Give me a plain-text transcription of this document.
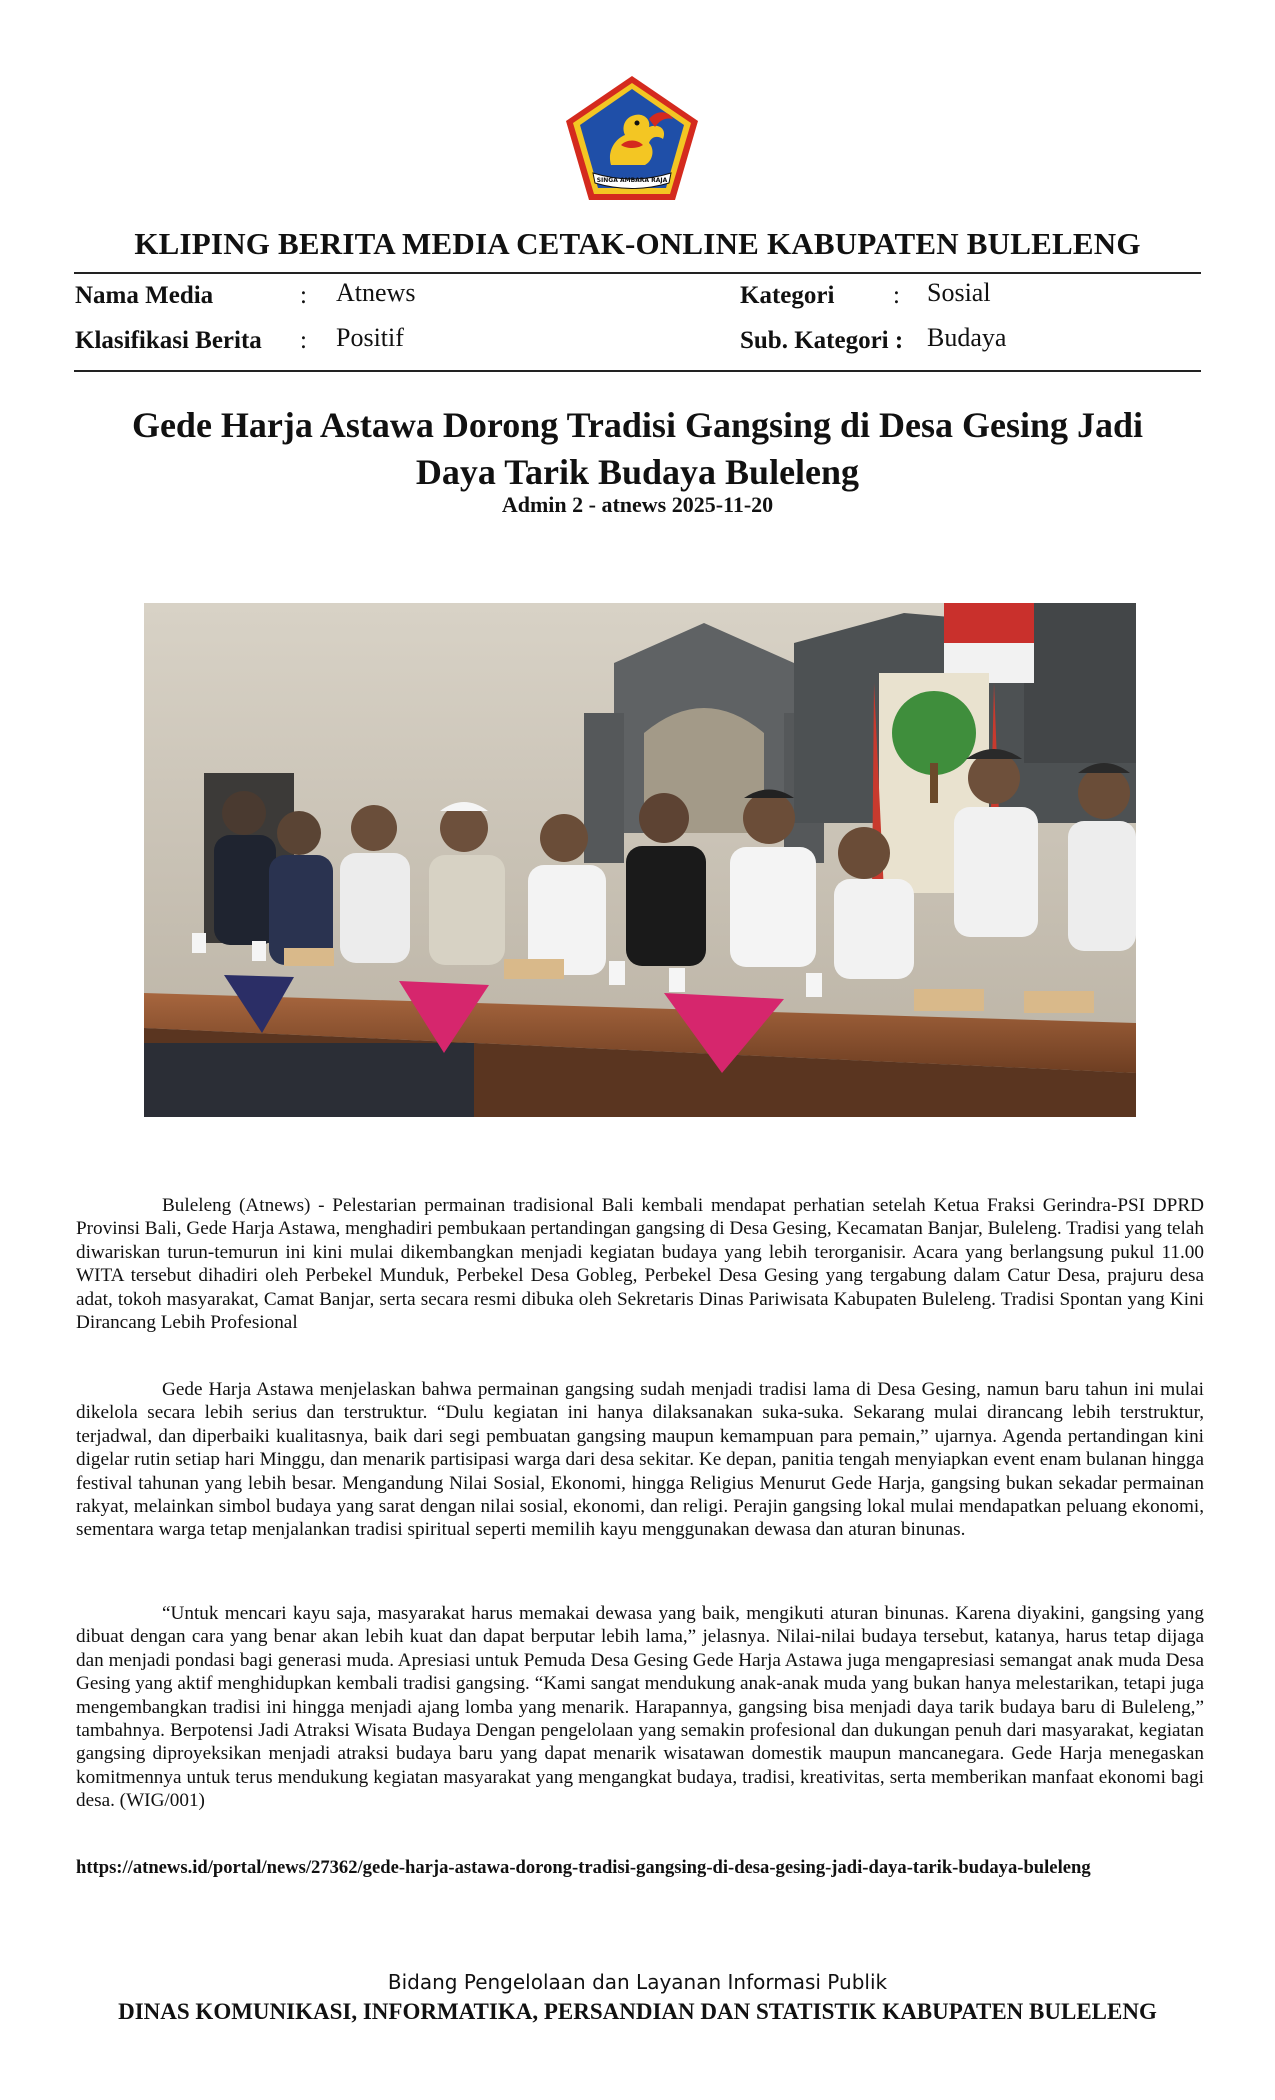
SINGA AMBARA RAJA
KLIPING BERITA MEDIA CETAK-ONLINE KABUPATEN BULELENG
Nama Media	: Atnews	Kategori : Sosial
Klasifikasi Berita : Positif	Sub. Kategori : Budaya
Gede Harja Astawa Dorong Tradisi Gangsing di Desa Gesing Jadi Daya Tarik Budaya Buleleng
Admin 2 - atnews 2025-11-20

Buleleng (Atnews) - Pelestarian permainan tradisional Bali kembali mendapat perhatian setelah Ketua Fraksi Gerindra-PSI DPRD Provinsi Bali, Gede Harja Astawa, menghadiri pembukaan pertandingan gangsing di Desa Gesing, Kecamatan Banjar, Buleleng. Tradisi yang telah diwariskan turun-temurun ini kini mulai dikembangkan menjadi kegiatan budaya yang lebih terorganisir. Acara yang berlangsung pukul 11.00 WITA tersebut dihadiri oleh Perbekel Munduk, Perbekel Desa Gobleg, Perbekel Desa Gesing yang tergabung dalam Catur Desa, prajuru desa adat, tokoh masyarakat, Camat Banjar, serta secara resmi dibuka oleh Sekretaris Dinas Pariwisata Kabupaten Buleleng. Tradisi Spontan yang Kini Dirancang Lebih Profesional

Gede Harja Astawa menjelaskan bahwa permainan gangsing sudah menjadi tradisi lama di Desa Gesing, namun baru tahun ini mulai dikelola secara lebih serius dan terstruktur. “Dulu kegiatan ini hanya dilaksanakan suka-suka. Sekarang mulai dirancang lebih terstruktur, terjadwal, dan diperbaiki kualitasnya, baik dari segi pembuatan gangsing maupun kemampuan para pemain,” ujarnya. Agenda pertandingan kini digelar rutin setiap hari Minggu, dan menarik partisipasi warga dari desa sekitar. Ke depan, panitia tengah menyiapkan event enam bulanan hingga festival tahunan yang lebih besar. Mengandung Nilai Sosial, Ekonomi, hingga Religius Menurut Gede Harja, gangsing bukan sekadar permainan rakyat, melainkan simbol budaya yang sarat dengan nilai sosial, ekonomi, dan religi. Perajin gangsing lokal mulai mendapatkan peluang ekonomi, sementara warga tetap menjalankan tradisi spiritual seperti memilih kayu menggunakan dewasa dan aturan binunas.

“Untuk mencari kayu saja, masyarakat harus memakai dewasa yang baik, mengikuti aturan binunas. Karena diyakini, gangsing yang dibuat dengan cara yang benar akan lebih kuat dan dapat berputar lebih lama,” jelasnya. Nilai-nilai budaya tersebut, katanya, harus tetap dijaga dan menjadi pondasi bagi generasi muda. Apresiasi untuk Pemuda Desa Gesing Gede Harja Astawa juga mengapresiasi semangat anak muda Desa Gesing yang aktif menghidupkan kembali tradisi gangsing. “Kami sangat mendukung anak-anak muda yang bukan hanya melestarikan, tetapi juga mengembangkan tradisi ini hingga menjadi ajang lomba yang menarik. Harapannya, gangsing bisa menjadi daya tarik budaya baru di Buleleng,” tambahnya. Berpotensi Jadi Atraksi Wisata Budaya Dengan pengelolaan yang semakin profesional dan dukungan penuh dari masyarakat, kegiatan gangsing diproyeksikan menjadi atraksi budaya baru yang dapat menarik wisatawan domestik maupun mancanegara. Gede Harja menegaskan komitmennya untuk terus mendukung kegiatan masyarakat yang mengangkat budaya, tradisi, kreativitas, serta memberikan manfaat ekonomi bagi desa. (WIG/001)

https://atnews.id/portal/news/27362/gede-harja-astawa-dorong-tradisi-gangsing-di-desa-gesing-jadi-daya-tarik-budaya-buleleng
Bidang Pengelolaan dan Layanan Informasi Publik
DINAS KOMUNIKASI, INFORMATIKA, PERSANDIAN DAN STATISTIK KABUPATEN BULELENG
